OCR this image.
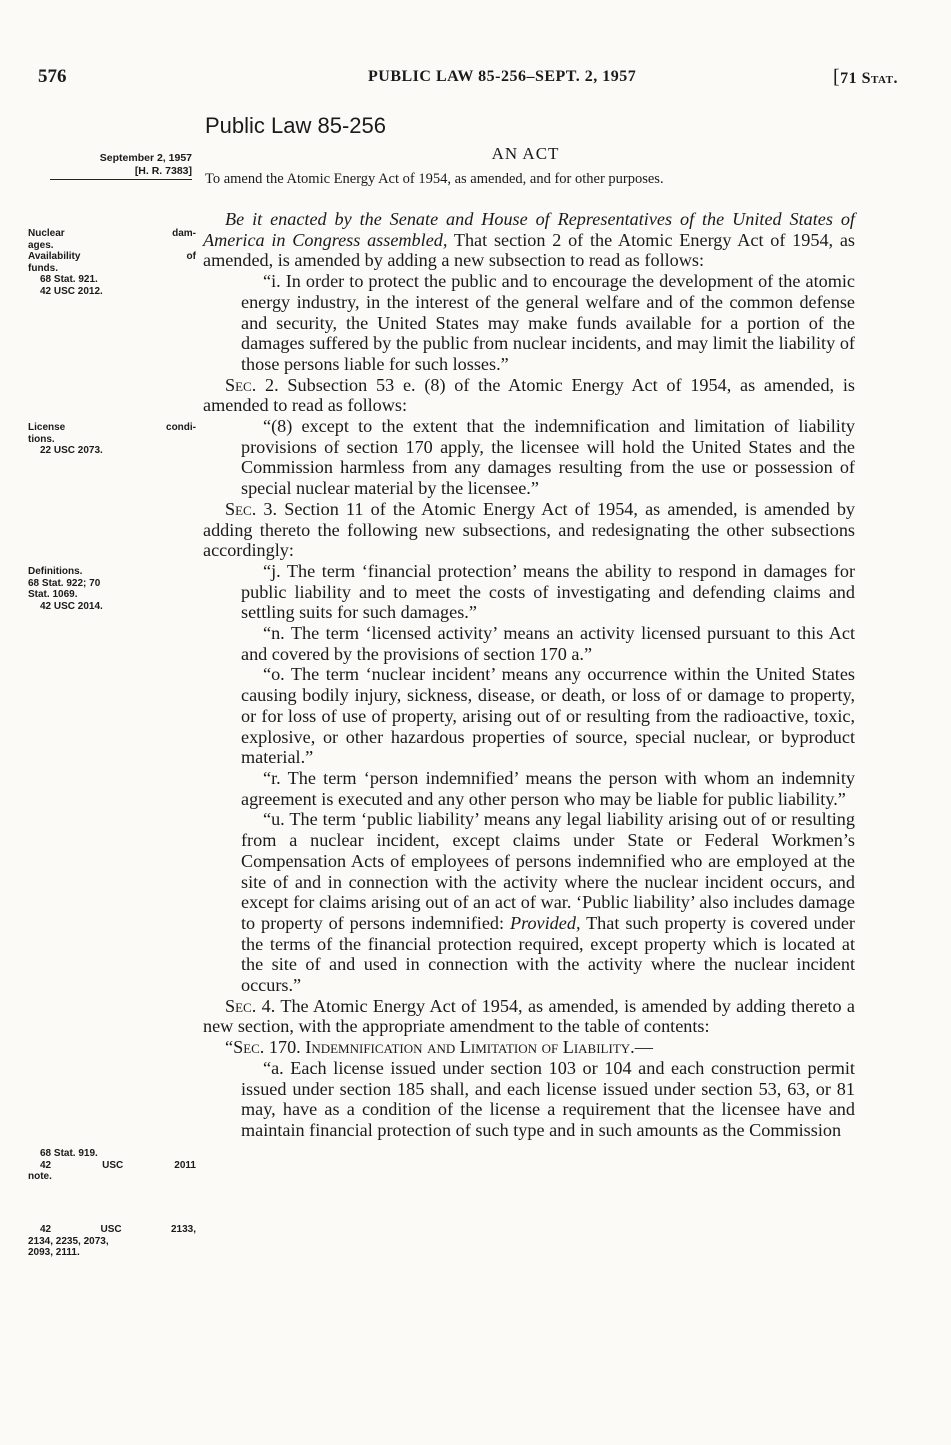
576	PUBLIC LAW 85-256–SEPT. 2, 1957	[71 Stat.
Public Law 85-256
AN ACT
To amend the Atomic Energy Act of 1954, as amended, and for other purposes.
September 2, 1957
[H. R. 7383]
Nuclear dam-
ages.
Availability of
funds.
68 Stat. 921.
42 USC 2012.
License condi-
tions.
22 USC 2073.
Definitions.
68 Stat. 922; 70
Stat. 1069.
42 USC 2014.
68 Stat. 919.
42 USC 2011
note.
42 USC 2133,
2134, 2235, 2073,
2093, 2111.

Be it enacted by the Senate and House of Representatives of the United States of America in Congress assembled, That section 2 of the Atomic Energy Act of 1954, as amended, is amended by adding a new subsection to read as follows:

“i. In order to protect the public and to encourage the development of the atomic energy industry, in the interest of the general welfare and of the common defense and security, the United States may make funds available for a portion of the damages suffered by the public from nuclear incidents, and may limit the liability of those persons liable for such losses.”

Sec. 2. Subsection 53 e. (8) of the Atomic Energy Act of 1954, as amended, is amended to read as follows:

“(8) except to the extent that the indemnification and limitation of liability provisions of section 170 apply, the licensee will hold the United States and the Commission harmless from any damages resulting from the use or possession of special nuclear material by the licensee.”

Sec. 3. Section 11 of the Atomic Energy Act of 1954, as amended, is amended by adding thereto the following new subsections, and redesignating the other subsections accordingly:

“j. The term ‘financial protection’ means the ability to respond in damages for public liability and to meet the costs of investigating and defending claims and settling suits for such damages.”

“n. The term ‘licensed activity’ means an activity licensed pursuant to this Act and covered by the provisions of section 170 a.”

“o. The term ‘nuclear incident’ means any occurrence within the United States causing bodily injury, sickness, disease, or death, or loss of or damage to property, or for loss of use of property, arising out of or resulting from the radioactive, toxic, explosive, or other hazardous properties of source, special nuclear, or byproduct material.”

“r. The term ‘person indemnified’ means the person with whom an indemnity agreement is executed and any other person who may be liable for public liability.”

“u. The term ‘public liability’ means any legal liability arising out of or resulting from a nuclear incident, except claims under State or Federal Workmen’s Compensation Acts of employees of persons indemnified who are employed at the site of and in connection with the activity where the nuclear incident occurs, and except for claims arising out of an act of war. ‘Public liability’ also includes damage to property of persons indemnified: Provided, That such property is covered under the terms of the financial protection required, except property which is located at the site of and used in connection with the activity where the nuclear incident occurs.”

Sec. 4. The Atomic Energy Act of 1954, as amended, is amended by adding thereto a new section, with the appropriate amendment to the table of contents:

“Sec. 170. Indemnification and Limitation of Liability.—

“a. Each license issued under section 103 or 104 and each construction permit issued under section 185 shall, and each license issued under section 53, 63, or 81 may, have as a condition of the license a requirement that the licensee have and maintain financial protection of such type and in such amounts as the Commission
